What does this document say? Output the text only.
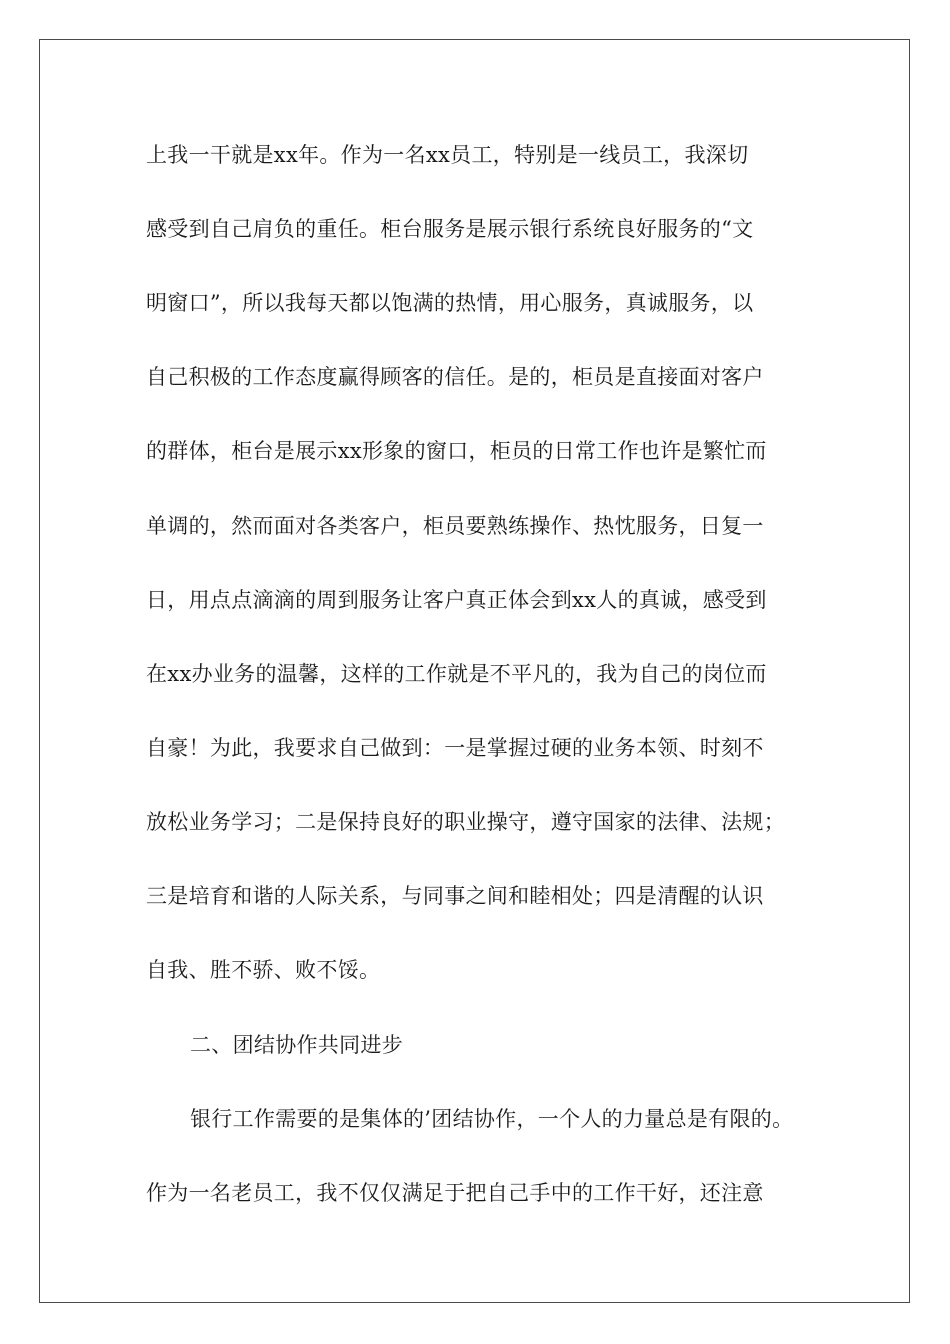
上我一干就是xx年。作为一名xx员工，特别是一线员工，我深切
感受到自己肩负的重任。柜台服务是展示银行系统良好服务的“文
明窗口”，所以我每天都以饱满的热情，用心服务，真诚服务，以
自己积极的工作态度赢得顾客的信任。是的，柜员是直接面对客户
的群体，柜台是展示xx形象的窗口，柜员的日常工作也许是繁忙而
单调的，然而面对各类客户，柜员要熟练操作、热忱服务，日复一
日，用点点滴滴的周到服务让客户真正体会到xx人的真诚，感受到
在xx办业务的温馨，这样的工作就是不平凡的，我为自己的岗位而
自豪！为此，我要求自己做到：一是掌握过硬的业务本领、时刻不
放松业务学习；二是保持良好的职业操守，遵守国家的法律、法规；
三是培育和谐的人际关系，与同事之间和睦相处；四是清醒的认识
自我、胜不骄、败不馁。
二、团结协作共同进步
银行工作需要的是集体的’团结协作，一个人的力量总是有限的。
作为一名老员工，我不仅仅满足于把自己手中的工作干好，还注意
